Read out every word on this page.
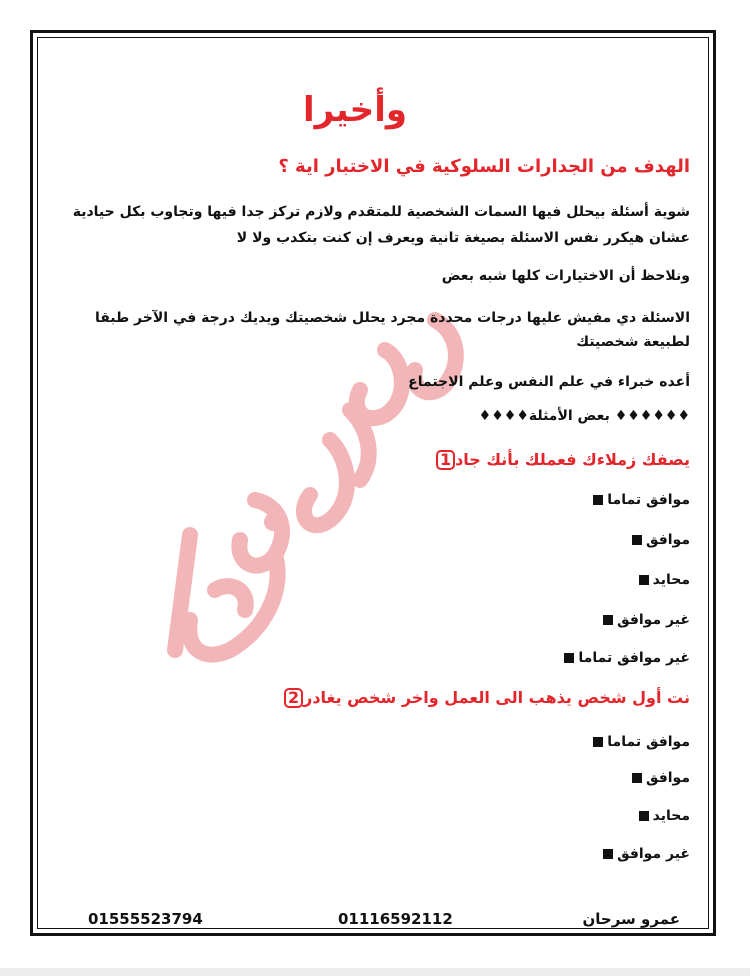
وأخيرا
الهدف من الجدارات السلوكية في الاختبار اية ؟
شوية أسئلة بيحلل فيها السمات الشخصية للمتقدم ولازم تركز جدا فيها وتجاوب بكل حيادية
عشان هيكرر نفس الاسئلة بصيغة تانية ويعرف إن كنت بتكدب ولا لا
ونلاحظ أن الاختيارات كلها شبه بعض
الاسئلة دي مفيش عليها درجات محددة مجرد يحلل شخصيتك ويديك درجة في الآخر طبقا
لطبيعة شخصيتك
أعده خبراء في علم النفس وعلم الاجتماع
♦♦♦♦♦♦ بعض الأمثلة♦♦♦♦
يصفك زملاءك فعملك بأنك جاد1
موافق تماما
موافق
محايد
غير موافق
غير موافق تماما
نت أول شخص يذهب الى العمل واخر شخص يغادر2
موافق تماما
موافق
محايد
غير موافق
عمرو سرحان
01116592112
01555523794
